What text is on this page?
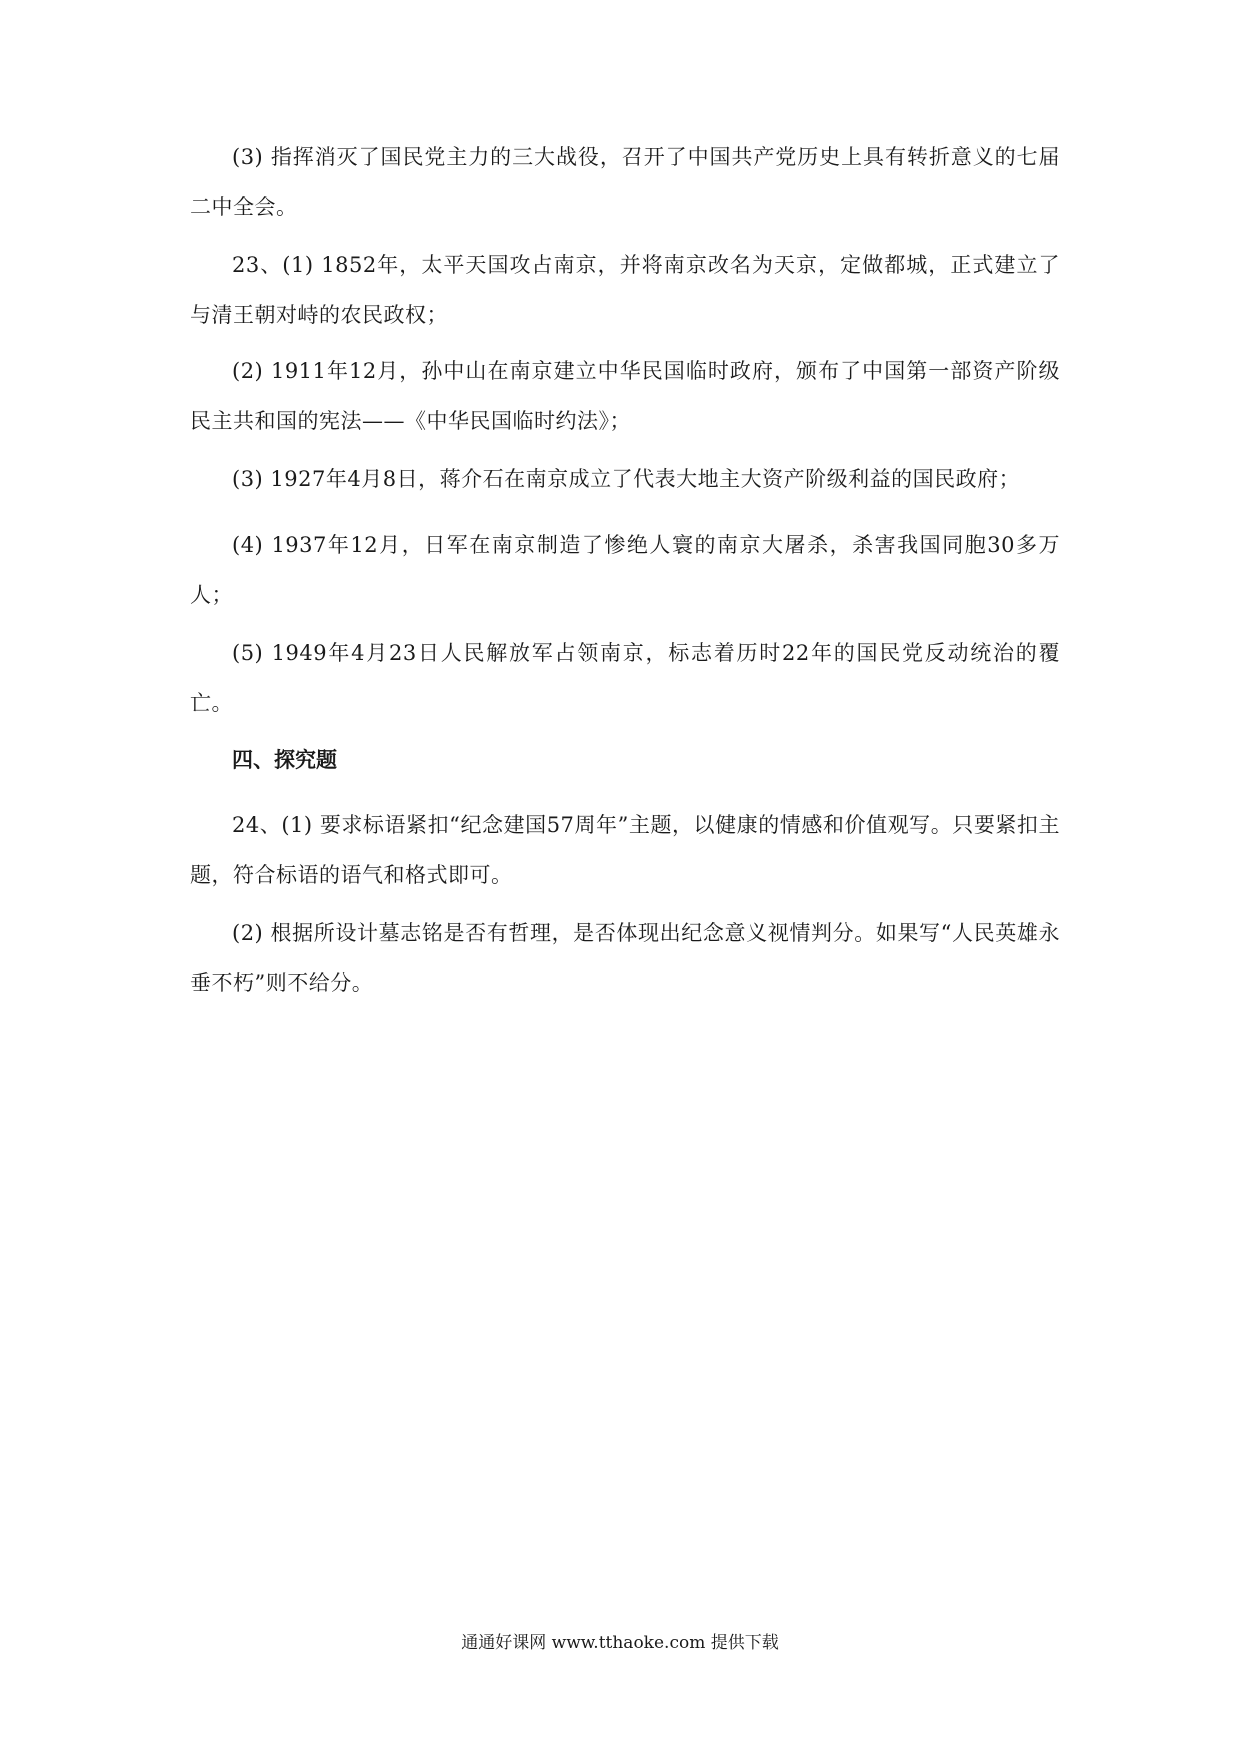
(3) 指挥消灭了国民党主力的三大战役，召开了中国共产党历史上具有转折意义的七届二中全会。

23、(1) 1852年，太平天国攻占南京，并将南京改名为天京，定做都城，正式建立了与清王朝对峙的农民政权；

(2) 1911年12月，孙中山在南京建立中华民国临时政府，颁布了中国第一部资产阶级民主共和国的宪法——《中华民国临时约法》；

(3) 1927年4月8日，蒋介石在南京成立了代表大地主大资产阶级利益的国民政府；

(4) 1937年12月，日军在南京制造了惨绝人寰的南京大屠杀，杀害我国同胞30多万人；

(5) 1949年4月23日人民解放军占领南京，标志着历时22年的国民党反动统治的覆亡。

四、探究题

24、(1) 要求标语紧扣“纪念建国57周年”主题，以健康的情感和价值观写。只要紧扣主题，符合标语的语气和格式即可。

(2) 根据所设计墓志铭是否有哲理，是否体现出纪念意义视情判分。如果写“人民英雄永垂不朽”则不给分。

通通好课网 www.tthaoke.com 提供下载
